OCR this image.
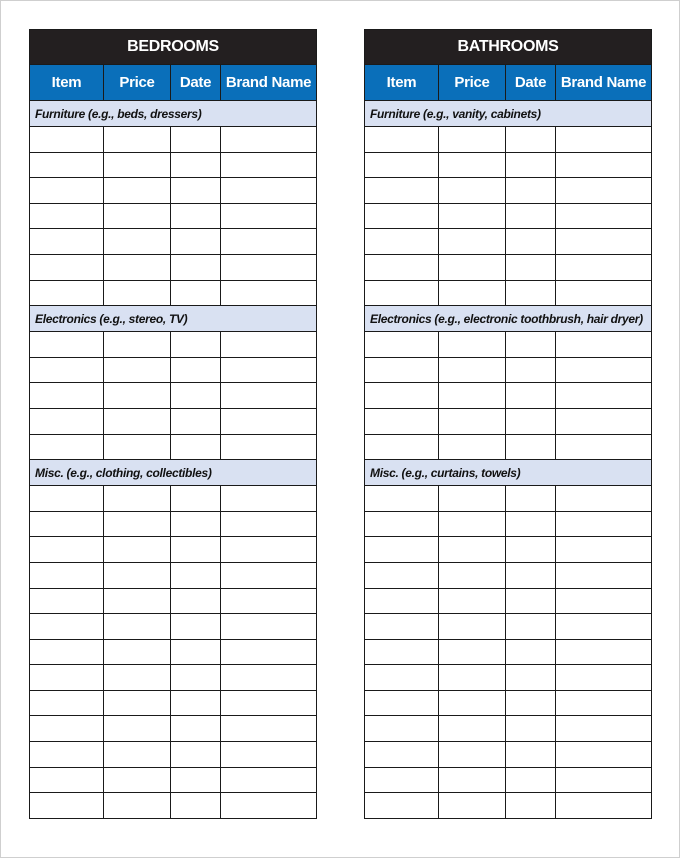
BEDROOMS			
Item	Price	Date	Brand Name
Furniture (e.g., beds, dressers)			

Electronics (e.g., stereo, TV)			

Misc. (e.g., clothing, collectibles)			

BATHROOMS			
Item	Price	Date	Brand Name
Furniture (e.g., vanity, cabinets)			

Electronics (e.g., electronic toothbrush, hair dryer)			

Misc. (e.g., curtains, towels)			
